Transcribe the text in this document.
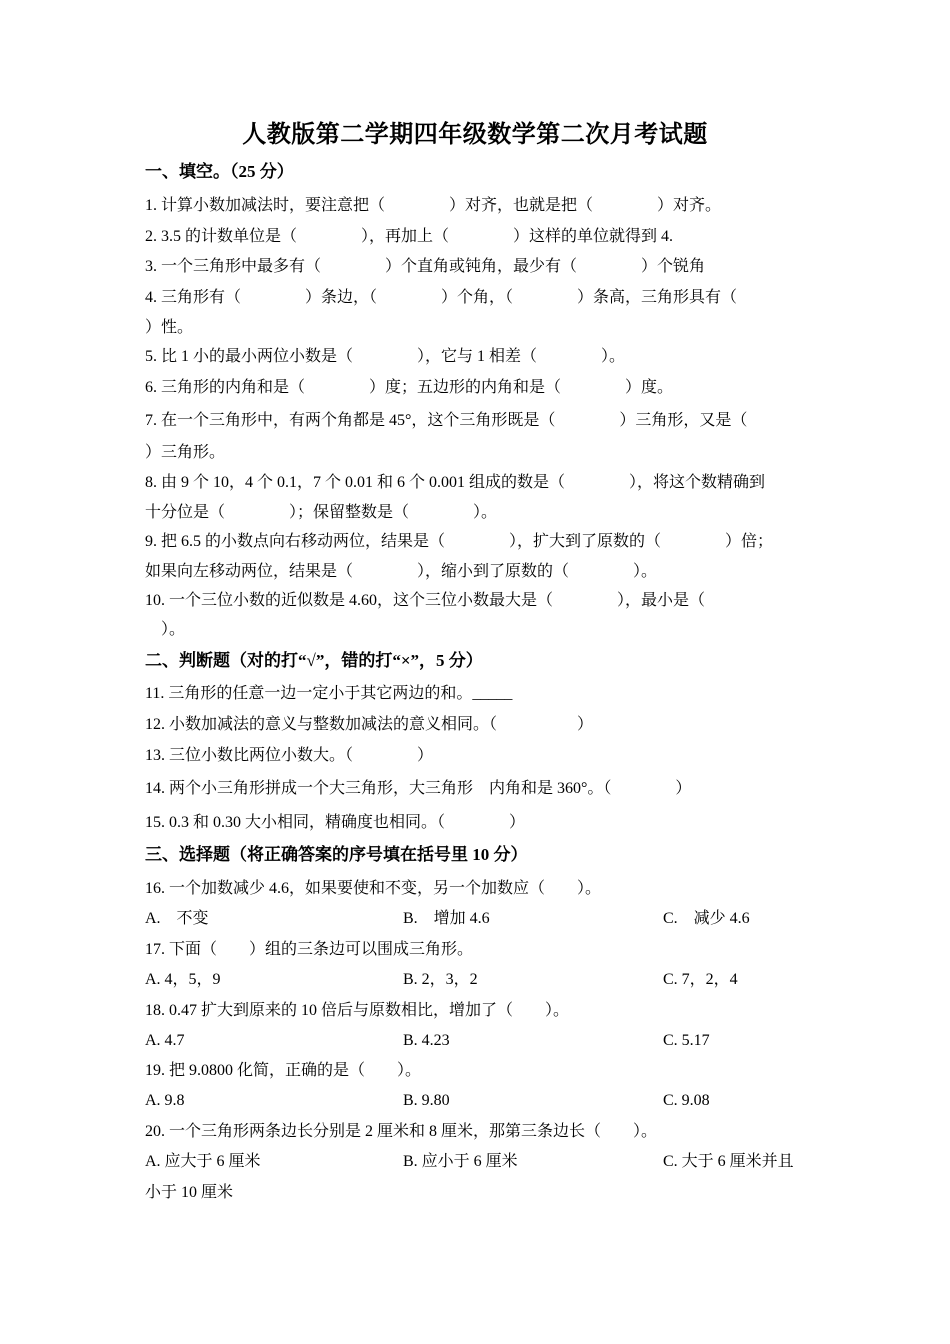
人教版第二学期四年级数学第二次月考试题
一、填空。（25 分）
1. 计算小数加减法时，要注意把（　　　　）对齐，也就是把（　　　　）对齐。
2. 3.5 的计数单位是（　　　　），再加上（　　　　）这样的单位就得到 4.
3. 一个三角形中最多有（　　　　）个直角或钝角，最少有（　　　　）个锐角
4. 三角形有（　　　　）条边，（　　　　）个角，（　　　　）条高，三角形具有（
）性。
5. 比 1 小的最小两位小数是（　　　　），它与 1 相差（　　　　）。
6. 三角形的内角和是（　　　　）度；五边形的内角和是（　　　　）度。
7. 在一个三角形中，有两个角都是 45°，这个三角形既是（　　　　）三角形，又是（
）三角形。
8. 由 9 个 10，4 个 0.1，7 个 0.01 和 6 个 0.001 组成的数是（　　　　），将这个数精确到
十分位是（　　　　）；保留整数是（　　　　）。
9. 把 6.5 的小数点向右移动两位，结果是（　　　　），扩大到了原数的（　　　　）倍；
如果向左移动两位，结果是（　　　　），缩小到了原数的（　　　　）。
10. 一个三位小数的近似数是 4.60，这个三位小数最大是（　　　　），最小是（
　）。
二、判断题（对的打“√”，错的打“×”，5 分）
11. 三角形的任意一边一定小于其它两边的和。_____
12. 小数加减法的意义与整数加减法的意义相同。（　　　　　）
13. 三位小数比两位小数大。（　　　　）
14. 两个小三角形拼成一个大三角形，大三角形　内角和是 360°。（　　　　）
15. 0.3 和 0.30 大小相同，精确度也相同。（　　　　）
三、选择题（将正确答案的序号填在括号里 10 分）
16. 一个加数减少 4.6，如果要使和不变，另一个加数应（　　）。
A.　不变	B.　增加 4.6	C.　减少 4.6
17. 下面（　　）组的三条边可以围成三角形。
A. 4，5，9	B. 2，3，2	C. 7，2，4
18. 0.47 扩大到原来的 10 倍后与原数相比，增加了（　　）。
A. 4.7	B. 4.23	C. 5.17
19. 把 9.0800 化简，正确的是（　　）。
A. 9.8	B. 9.80	C. 9.08
20. 一个三角形两条边长分别是 2 厘米和 8 厘米，那第三条边长（　　）。
A. 应大于 6 厘米	B. 应小于 6 厘米	C. 大于 6 厘米并且
小于 10 厘米
